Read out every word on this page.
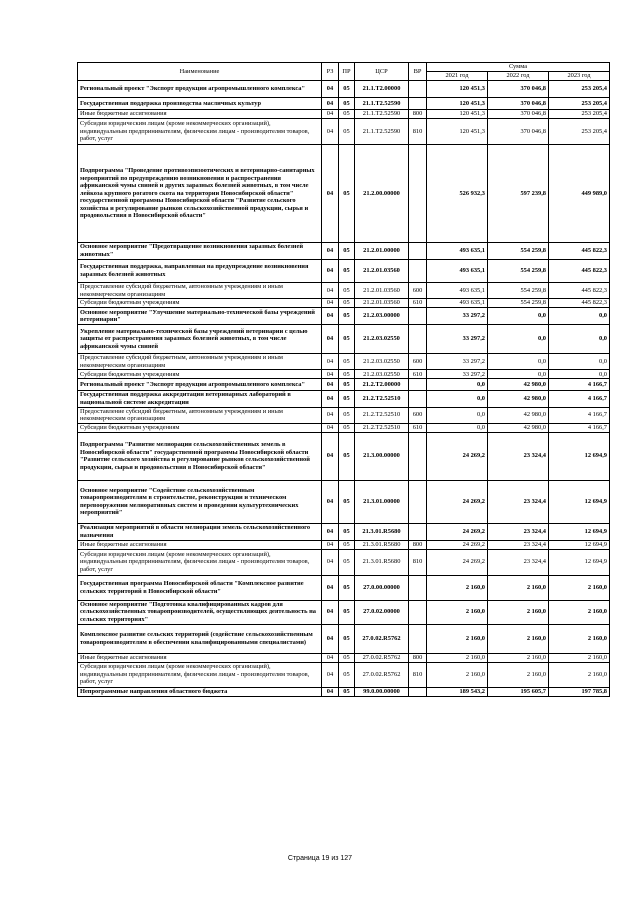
Наименование	РЗ	ПР	ЦСР	ВР	Сумма		
					2021 год	2022 год	2023 год
Региональный проект "Экспорт продукции агропромышленного комплекса"	04	05	21.1.T2.00000		120 451,3	370 046,8	253 205,4
Государственная поддержка производства масличных культур	04	05	21.1.T2.52590		120 451,3	370 046,8	253 205,4
Иные бюджетные ассигнования	04	05	21.1.T2.52590	800	120 451,3	370 046,8	253 205,4
Субсидии юридическим лицам (кроме некоммерческих организаций), индивидуальным предпринимателям, физическим лицам - производителям товаров, работ, услуг	04	05	21.1.T2.52590	810	120 451,3	370 046,8	253 205,4
Подпрограмма "Проведение противоэпизоотических и ветеринарно-санитарных мероприятий по предупреждению возникновения и распространения африканской чумы свиней и других заразных болезней животных, в том числе лейкоза крупного рогатого скота на территории Новосибирской области" государственной программы Новосибирской области "Развитие сельского хозяйства и регулирование рынков сельскохозяйственной продукции, сырья и продовольствия в Новосибирской области"	04	05	21.2.00.00000		526 932,3	597 239,8	449 989,0
Основное мероприятие "Предотвращение возникновения заразных болезней животных"	04	05	21.2.01.00000		493 635,1	554 259,8	445 822,3
Государственная поддержка, направленная на предупреждение возникновения заразных болезней животных	04	05	21.2.01.03560		493 635,1	554 259,8	445 822,3
Предоставление субсидий бюджетным, автономным учреждениям и иным некоммерческим организациям	04	05	21.2.01.03560	600	493 635,1	554 259,8	445 822,3
Субсидии бюджетным учреждениям	04	05	21.2.01.03560	610	493 635,1	554 259,8	445 822,3
Основное мероприятие "Улучшение материально-технической базы учреждений ветеринарии"	04	05	21.2.03.00000		33 297,2	0,0	0,0
Укрепление материально-технической базы учреждений ветеринарии с целью защиты от распространения заразных болезней животных, в том числе африканской чумы свиней	04	05	21.2.03.02550		33 297,2	0,0	0,0
Предоставление субсидий бюджетным, автономным учреждениям и иным некоммерческим организациям	04	05	21.2.03.02550	600	33 297,2	0,0	0,0
Субсидии бюджетным учреждениям	04	05	21.2.03.02550	610	33 297,2	0,0	0,0
Региональный проект "Экспорт продукции агропромышленного комплекса"	04	05	21.2.T2.00000		0,0	42 980,0	4 166,7
Государственная поддержка аккредитации ветеринарных лабораторий в национальной системе аккредитации	04	05	21.2.T2.52510		0,0	42 980,0	4 166,7
Предоставление субсидий бюджетным, автономным учреждениям и иным некоммерческим организациям	04	05	21.2.T2.52510	600	0,0	42 980,0	4 166,7
Субсидии бюджетным учреждениям	04	05	21.2.T2.52510	610	0,0	42 980,0	4 166,7
Подпрограмма "Развитие мелиорации сельскохозяйственных земель в Новосибирской области" государственной программы Новосибирской области "Развитие сельского хозяйства и регулирование рынков сельскохозяйственной продукции, сырья и продовольствия в Новосибирской области"	04	05	21.3.00.00000		24 269,2	23 324,4	12 694,9
Основное мероприятие "Содействие сельскохозяйственным товаропроизводителям в строительстве, реконструкции и техническом перевооружении мелиоративных систем и проведении культуртехнических мероприятий"	04	05	21.3.01.00000		24 269,2	23 324,4	12 694,9
Реализация мероприятий в области мелиорации земель сельскохозяйственного назначения	04	05	21.3.01.R5680		24 269,2	23 324,4	12 694,9
Иные бюджетные ассигнования	04	05	21.3.01.R5680	800	24 269,2	23 324,4	12 694,9
Субсидии юридическим лицам (кроме некоммерческих организаций), индивидуальным предпринимателям, физическим лицам - производителям товаров, работ, услуг	04	05	21.3.01.R5680	810	24 269,2	23 324,4	12 694,9
Государственная программа Новосибирской области "Комплексное развитие сельских территорий в Новосибирской области"	04	05	27.0.00.00000		2 160,0	2 160,0	2 160,0
Основное мероприятие "Подготовка квалифицированных кадров для сельскохозяйственных товаропроизводителей, осуществляющих деятельность на сельских территориях"	04	05	27.0.02.00000		2 160,0	2 160,0	2 160,0
Комплексное развитие сельских территорий (содействие сельскохозяйственным товаропроизводителям в обеспечении квалифицированными специалистами)	04	05	27.0.02.R5762		2 160,0	2 160,0	2 160,0
Иные бюджетные ассигнования	04	05	27.0.02.R5762	800	2 160,0	2 160,0	2 160,0
Субсидии юридическим лицам (кроме некоммерческих организаций), индивидуальным предпринимателям, физическим лицам - производителям товаров, работ, услуг	04	05	27.0.02.R5762	810	2 160,0	2 160,0	2 160,0
Непрограммные направления областного бюджета	04	05	99.0.00.00000		189 543,2	195 605,7	197 785,8
Страница 19 из 127
